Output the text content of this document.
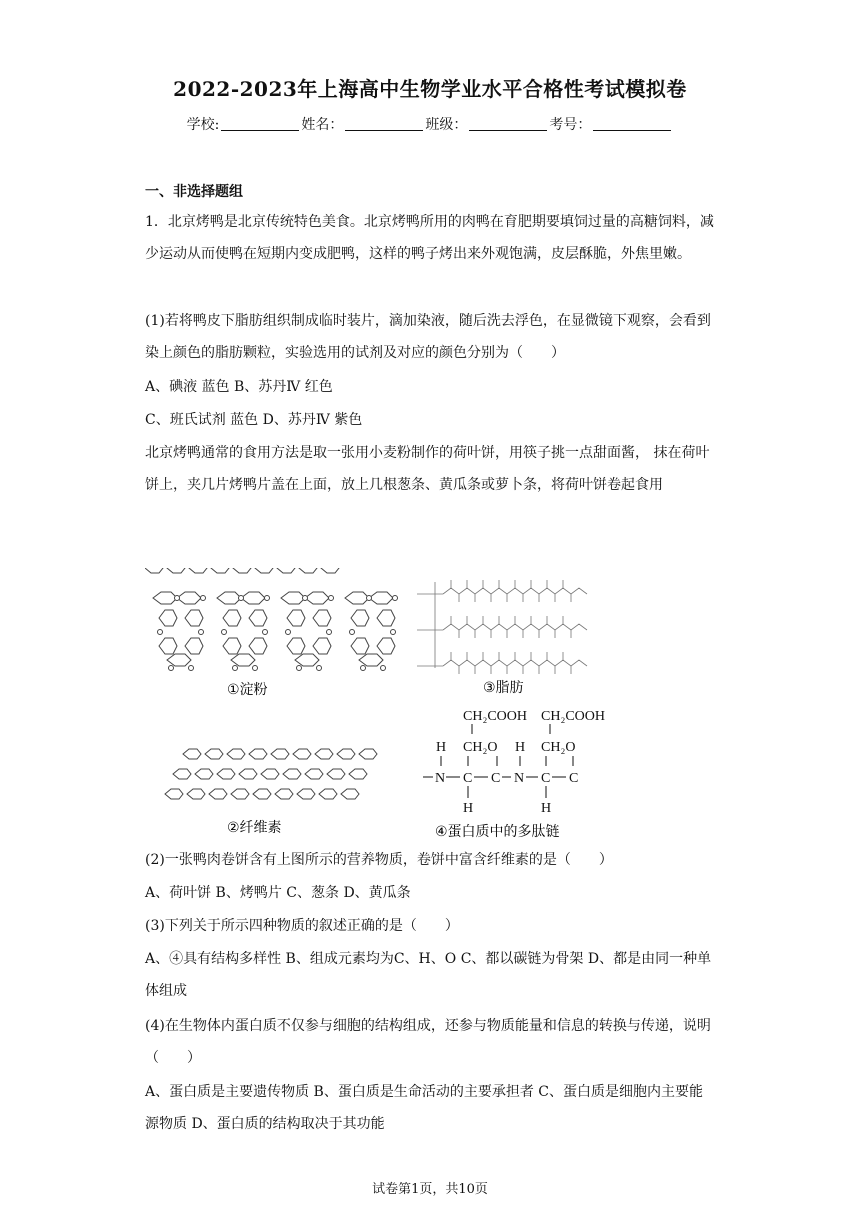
2022-2023年上海高中生物学业水平合格性考试模拟卷
学校:	姓名：	班级：	考号：
一、非选择题组

1．北京烤鸭是北京传统特色美食。北京烤鸭所用的肉鸭在育肥期要填饲过量的高糖饲料，减少运动从而使鸭在短期内变成肥鸭，这样的鸭子烤出来外观饱满，皮层酥脆，外焦里嫩。

(1)若将鸭皮下脂肪组织制成临时装片，滴加染液，随后洗去浮色，在显微镜下观察，会看到染上颜色的脂肪颗粒，实验选用的试剂及对应的颜色分别为（　　）

A、碘液 蓝色 B、苏丹Ⅳ 红色

C、班氏试剂 蓝色 D、苏丹Ⅳ 紫色

北京烤鸭通常的食用方法是取一张用小麦粉制作的荷叶饼，用筷子挑一点甜面酱， 抹在荷叶饼上，夹几片烤鸭片盖在上面，放上几根葱条、黄瓜条或萝卜条，将荷叶饼卷起食用

①淀粉
②纤维素
③脂肪
CH₂COOH CH₂COOH
H CH₂O H CH₂O
N C C N C C
H	H
④蛋白质中的多肽链

(2)一张鸭肉卷饼含有上图所示的营养物质，卷饼中富含纤维素的是（　　）

A、荷叶饼 B、烤鸭片 C、葱条 D、黄瓜条

(3)下列关于所示四种物质的叙述正确的是（　　）

A、④具有结构多样性 B、组成元素均为C、H、O C、都以碳链为骨架 D、都是由同一种单体组成

(4)在生物体内蛋白质不仅参与细胞的结构组成，还参与物质能量和信息的转换与传递，说明（　　）

A、蛋白质是主要遗传物质 B、蛋白质是生命活动的主要承担者 C、蛋白质是细胞内主要能源物质 D、蛋白质的结构取决于其功能

试卷第1页，共10页
